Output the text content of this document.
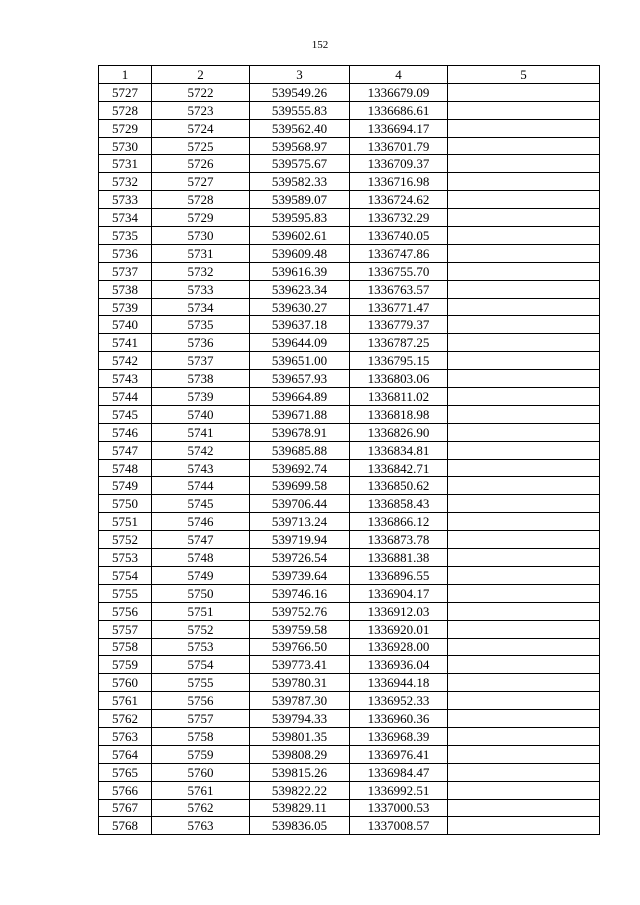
152
1	2	3	4	5
5727	5722	539549.26	1336679.09	
5728	5723	539555.83	1336686.61	
5729	5724	539562.40	1336694.17	
5730	5725	539568.97	1336701.79	
5731	5726	539575.67	1336709.37	
5732	5727	539582.33	1336716.98	
5733	5728	539589.07	1336724.62	
5734	5729	539595.83	1336732.29	
5735	5730	539602.61	1336740.05	
5736	5731	539609.48	1336747.86	
5737	5732	539616.39	1336755.70	
5738	5733	539623.34	1336763.57	
5739	5734	539630.27	1336771.47	
5740	5735	539637.18	1336779.37	
5741	5736	539644.09	1336787.25	
5742	5737	539651.00	1336795.15	
5743	5738	539657.93	1336803.06	
5744	5739	539664.89	1336811.02	
5745	5740	539671.88	1336818.98	
5746	5741	539678.91	1336826.90	
5747	5742	539685.88	1336834.81	
5748	5743	539692.74	1336842.71	
5749	5744	539699.58	1336850.62	
5750	5745	539706.44	1336858.43	
5751	5746	539713.24	1336866.12	
5752	5747	539719.94	1336873.78	
5753	5748	539726.54	1336881.38	
5754	5749	539739.64	1336896.55	
5755	5750	539746.16	1336904.17	
5756	5751	539752.76	1336912.03	
5757	5752	539759.58	1336920.01	
5758	5753	539766.50	1336928.00	
5759	5754	539773.41	1336936.04	
5760	5755	539780.31	1336944.18	
5761	5756	539787.30	1336952.33	
5762	5757	539794.33	1336960.36	
5763	5758	539801.35	1336968.39	
5764	5759	539808.29	1336976.41	
5765	5760	539815.26	1336984.47	
5766	5761	539822.22	1336992.51	
5767	5762	539829.11	1337000.53	
5768	5763	539836.05	1337008.57	
